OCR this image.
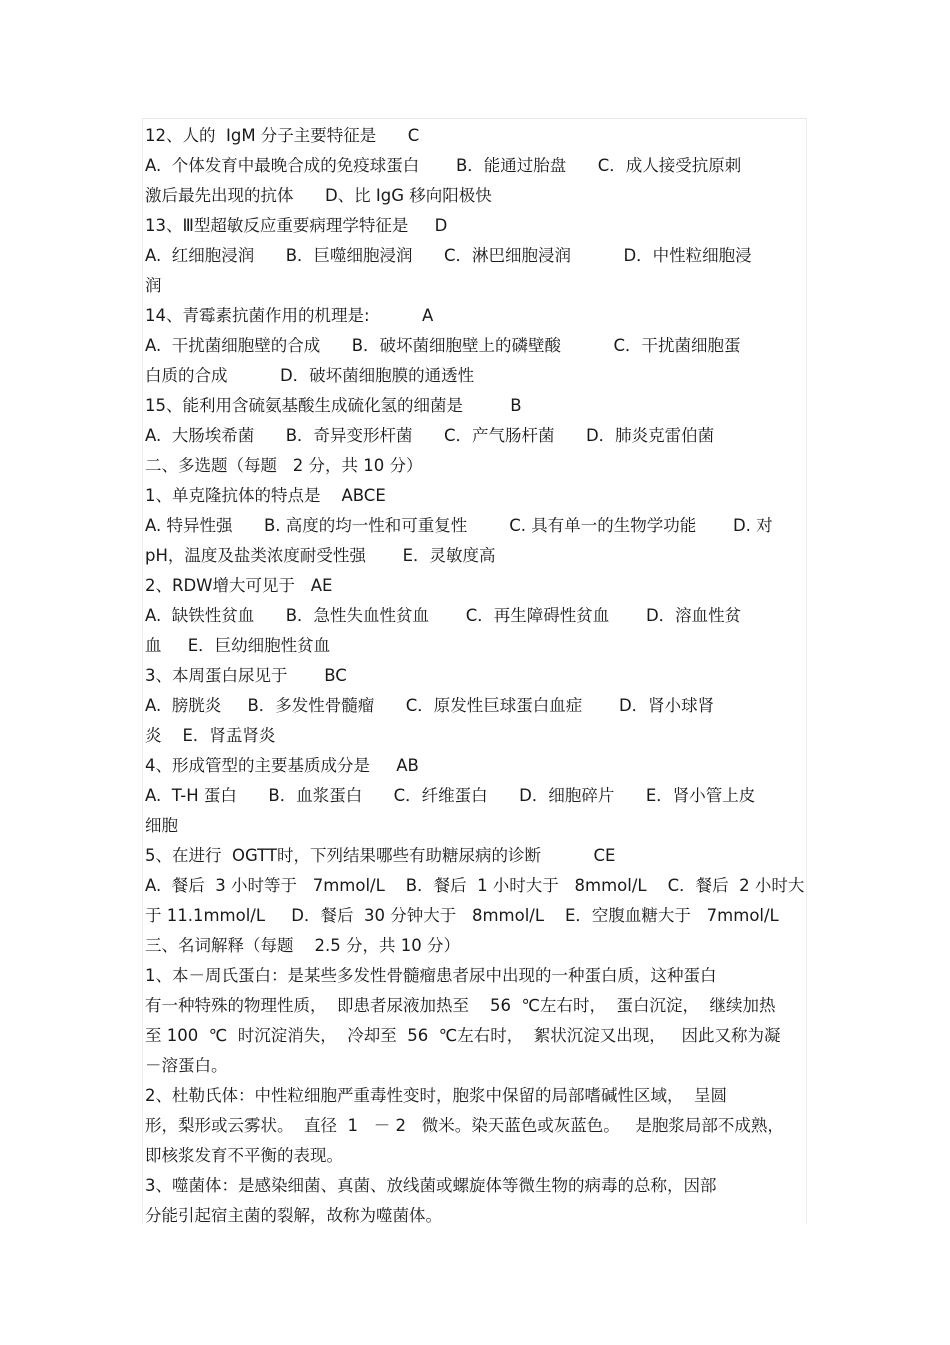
12、人的  IgM 分子主要特征是      C
A.  个体发育中最晚合成的免疫球蛋白       B．能通过胎盘      C．成人接受抗原刺
激后最先出现的抗体      D、比 IgG 移向阳极快
13、Ⅲ型超敏反应重要病理学特征是     D
A.  红细胞浸润      B．巨噬细胞浸润      C．淋巴细胞浸润          D．中性粒细胞浸
润
14、青霉素抗菌作用的机理是:          A
A.  干扰菌细胞壁的合成      B．破坏菌细胞壁上的磷壁酸          C．干扰菌细胞蛋
白质的合成          D．破坏菌细胞膜的通透性
15、能利用含硫氨基酸生成硫化氢的细菌是         B
A.  大肠埃希菌      B．奇异变形杆菌      C．产气肠杆菌      D．肺炎克雷伯菌
二、多选题（每题   2 分，共 10 分）
1、单克隆抗体的特点是    ABCE
A. 特异性强      B. 高度的均一性和可重复性        C. 具有单一的生物学功能       D. 对
pH，温度及盐类浓度耐受性强       E．灵敏度高
2、RDW增大可见于   AE
A.  缺铁性贫血      B．急性失血性贫血       C．再生障碍性贫血       D．溶血性贫
血     E．巨幼细胞性贫血
3、本周蛋白尿见于       BC
A.  膀胱炎     B．多发性骨髓瘤      C．原发性巨球蛋白血症       D．肾小球肾
炎    E．肾盂肾炎
4、形成管型的主要基质成分是     AB
A.  T-H 蛋白      B．血浆蛋白      C．纤维蛋白      D．细胞碎片      E．肾小管上皮
细胞
5、在进行  OGTT时，下列结果哪些有助糖尿病的诊断          CE
A.  餐后  3 小时等于   7mmol/L    B．餐后  1 小时大于   8mmol/L    C．餐后  2 小时大
于 11.1mmol/L     D．餐后  30 分钟大于   8mmol/L    E．空腹血糖大于   7mmol/L
三、名词解释（每题    2.5 分，共 10 分）
1、本－周氏蛋白：是某些多发性骨髓瘤患者尿中出现的一种蛋白质，这种蛋白
有一种特殊的物理性质，  即患者尿液加热至    56  ℃左右时，  蛋白沉淀，  继续加热
至 100  ℃  时沉淀消失，  冷却至  56  ℃左右时，  絮状沉淀又出现，   因此又称为凝
－溶蛋白。
2、杜勒氏体：中性粒细胞严重毒性变时，胞浆中保留的局部嗜碱性区域，  呈圆
形，梨形或云雾状。  直径  1   － 2   微米。染天蓝色或灰蓝色。   是胞浆局部不成熟，
即核浆发育不平衡的表现。
3、噬菌体：是感染细菌、真菌、放线菌或螺旋体等微生物的病毒的总称，因部
分能引起宿主菌的裂解，故称为噬菌体。
